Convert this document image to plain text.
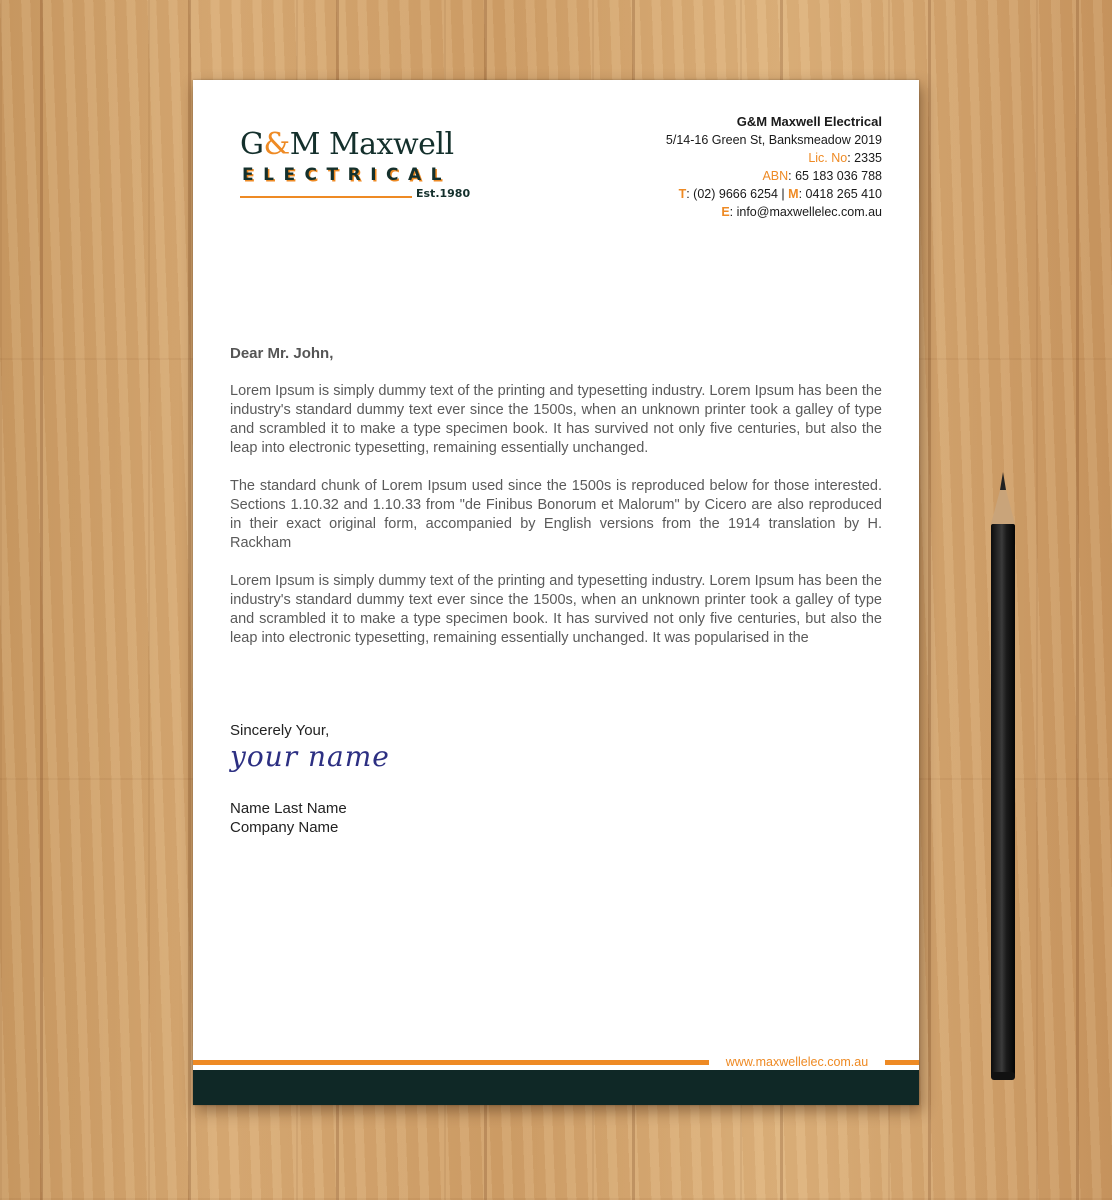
G&M Maxwell
ELECTRICAL
Est.1980
G&M Maxwell Electrical
5/14-16 Green St, Banksmeadow 2019
Lic. No: 2335
ABN: 65 183 036 788
T: (02) 9666 6254 | M: 0418 265 410
E: info@maxwellelec.com.au

Dear Mr. John,

Lorem Ipsum is simply dummy text of the printing and typesetting industry. Lorem Ipsum has been the industry's standard dummy text ever since the 1500s, when an unknown printer took a galley of type and scrambled it to make a type specimen book. It has survived not only five centuries, but also the leap into electronic typesetting, remaining essentially unchanged.

The standard chunk of Lorem Ipsum used since the 1500s is reproduced below for those interested. Sections 1.10.32 and 1.10.33 from "de Finibus Bonorum et Malorum" by Cicero are also reproduced in their exact original form, accompanied by English versions from the 1914 translation by H. Rackham

Lorem Ipsum is simply dummy text of the printing and typesetting industry. Lorem Ipsum has been the industry's standard dummy text ever since the 1500s, when an unknown printer took a galley of type and scrambled it to make a type specimen book. It has survived not only five centuries, but also the leap into electronic typesetting, remaining essentially unchanged. It was popularised in the

Sincerely Your,
your name
Name Last Name
Company Name
www.maxwellelec.com.au
